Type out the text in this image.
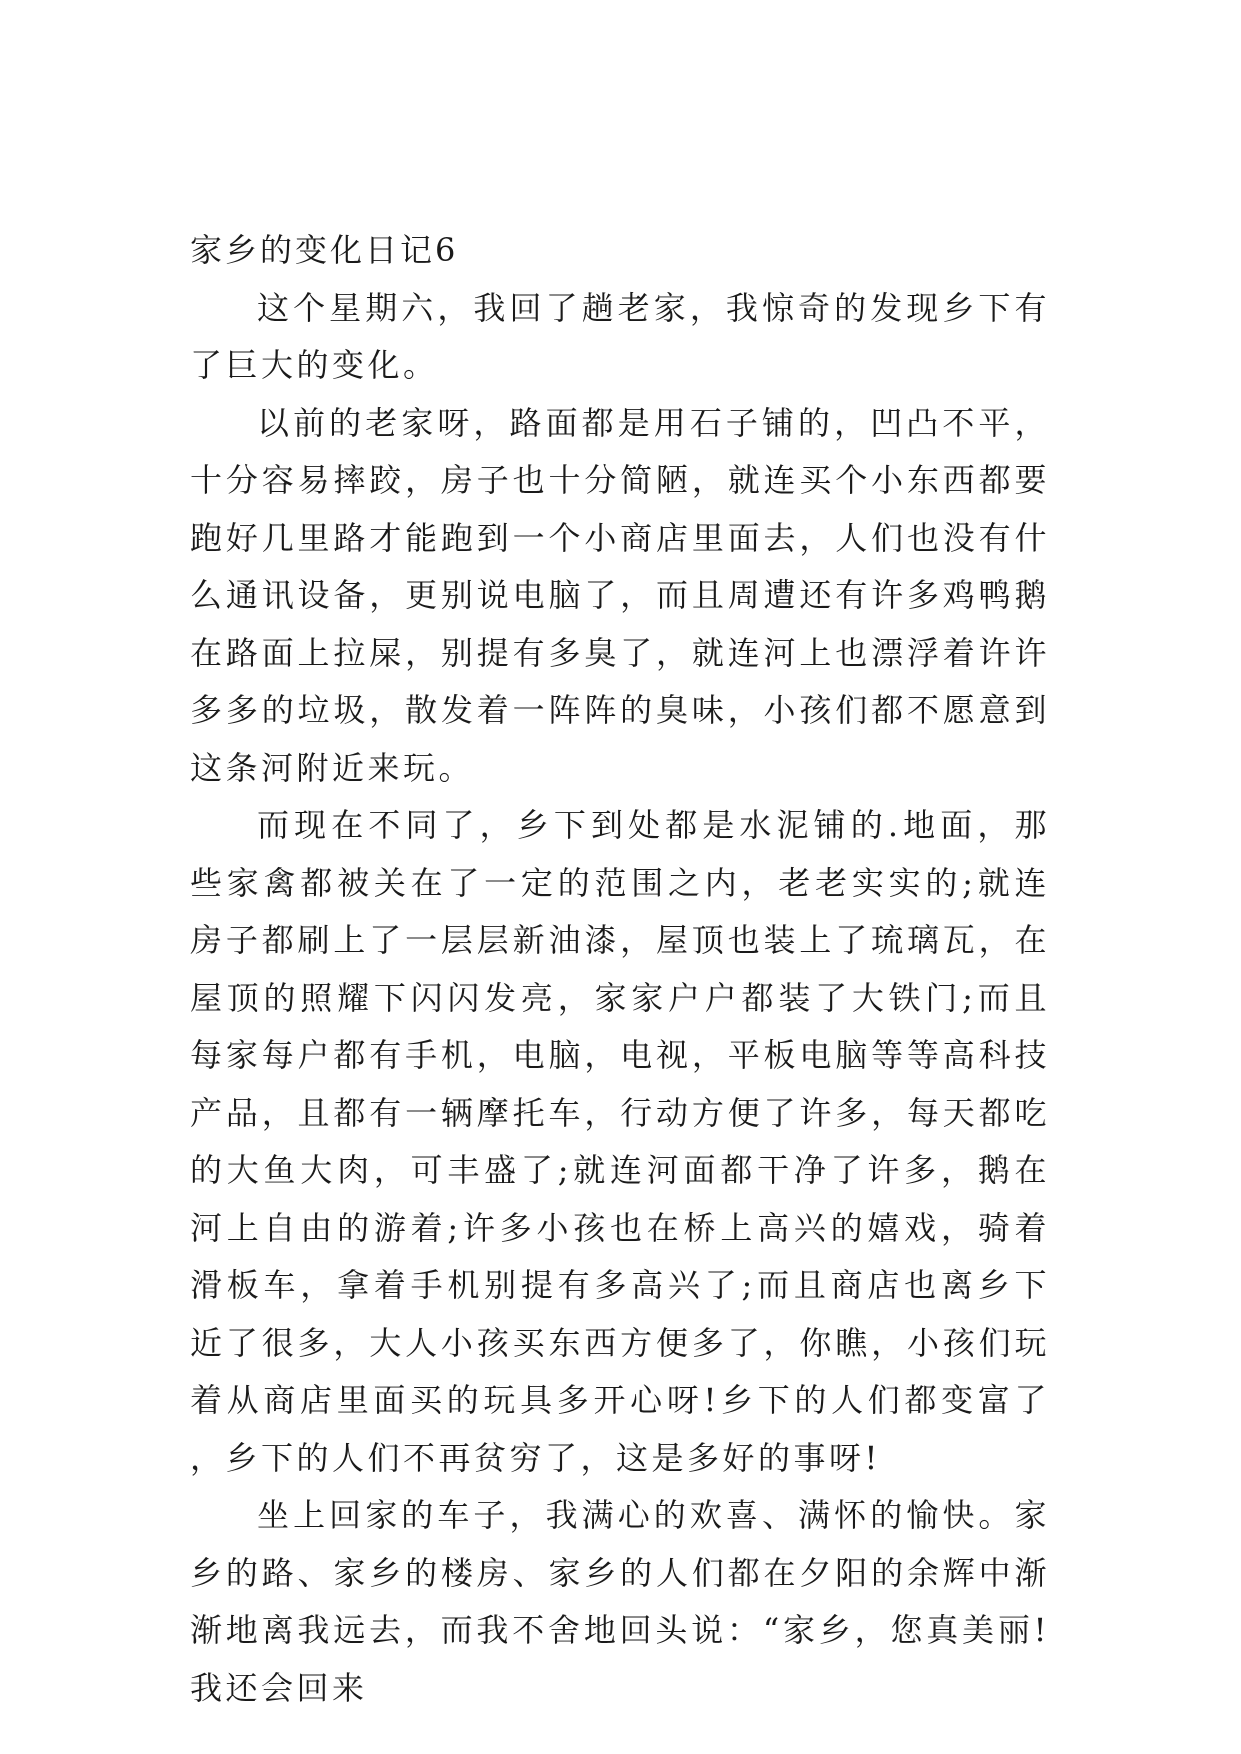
家乡的变化日记6

这个星期六，我回了趟老家，我惊奇的发现乡下有了巨大的变化。

以前的老家呀，路面都是用石子铺的，凹凸不平，十分容易摔跤，房子也十分简陋，就连买个小东西都要跑好几里路才能跑到一个小商店里面去，人们也没有什么通讯设备，更别说电脑了，而且周遭还有许多鸡鸭鹅在路面上拉屎，别提有多臭了，就连河上也漂浮着许许多多的垃圾，散发着一阵阵的臭味，小孩们都不愿意到这条河附近来玩。

而现在不同了，乡下到处都是水泥铺的.地面，那些家禽都被关在了一定的范围之内，老老实实的;就连房子都刷上了一层层新油漆，屋顶也装上了琉璃瓦，在屋顶的照耀下闪闪发亮，家家户户都装了大铁门;而且每家每户都有手机，电脑，电视，平板电脑等等高科技产品，且都有一辆摩托车，行动方便了许多，每天都吃的大鱼大肉，可丰盛了;就连河面都干净了许多，鹅在河上自由的游着;许多小孩也在桥上高兴的嬉戏，骑着滑板车，拿着手机别提有多高兴了;而且商店也离乡下近了很多，大人小孩买东西方便多了，你瞧，小孩们玩着从商店里面买的玩具多开心呀!乡下的人们都变富了，乡下的人们不再贫穷了，这是多好的事呀!

坐上回家的车子，我满心的欢喜、满怀的愉快。家乡的路、家乡的楼房、家乡的人们都在夕阳的余辉中渐渐地离我远去，而我不舍地回头说：“家乡，您真美丽!我还会回来
